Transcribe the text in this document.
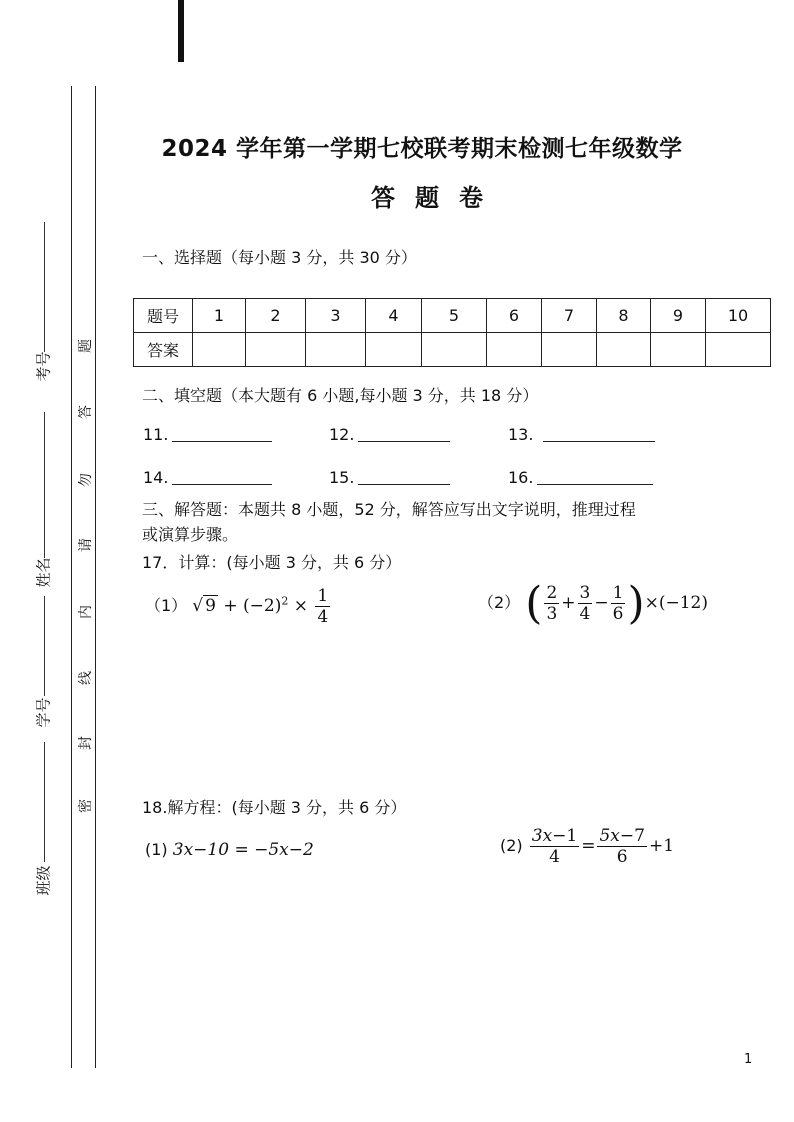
考号
姓名
学号
班级
题
答
勿
请
内
线
封
密
2024 学年第一学期七校联考期末检测七年级数学
答题卷
一、选择题（每小题 3 分，共 30 分）
题号	1	2	3	4	5	6	7	8	9	10
答案										
二、填空题（本大题有 6 小题,每小题 3 分，共 18 分）
11.	12.	13.
14.	15.	16.
三、解答题：本题共 8 小题，52 分，解答应写出文字说明，推理过程
或演算步骤。
17．计算：(每小题 3 分，共 6 分）
（1） √ $9 + (-2)^2 \times \frac{1}{4}$	（2） ( $\frac{2}{3} + \frac{3}{4} - \frac{1}{6} )\times(-12)$
18.解方程：(每小题 3 分，共 6 分）
(1) 3x−10 = −5x−2	$(2) \frac{3x-1}{4} = \frac{5x-7}{6} +1$
1
